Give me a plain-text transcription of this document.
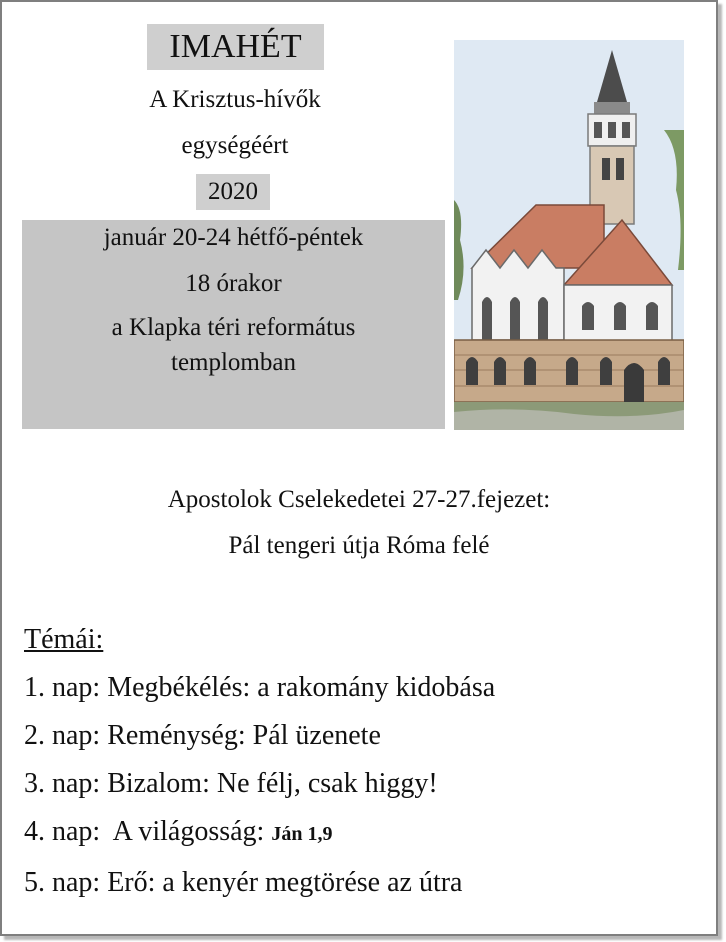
IMAHÉT
A Krisztus-hívők
egységéért
2020
január 20-24 hétfő-péntek
18 órakor
a Klapka téri református
templomban
Apostolok Cselekedetei 27-27.fejezet:
Pál tengeri útja Róma felé
Témái:
1. nap: Megbékélés: a rakomány kidobása
2. nap: Reménység: Pál üzenete
3. nap: Bizalom: Ne félj, csak higgy!
4. nap:  A világosság: Ján 1,9
5. nap: Erő: a kenyér megtörése az útra
